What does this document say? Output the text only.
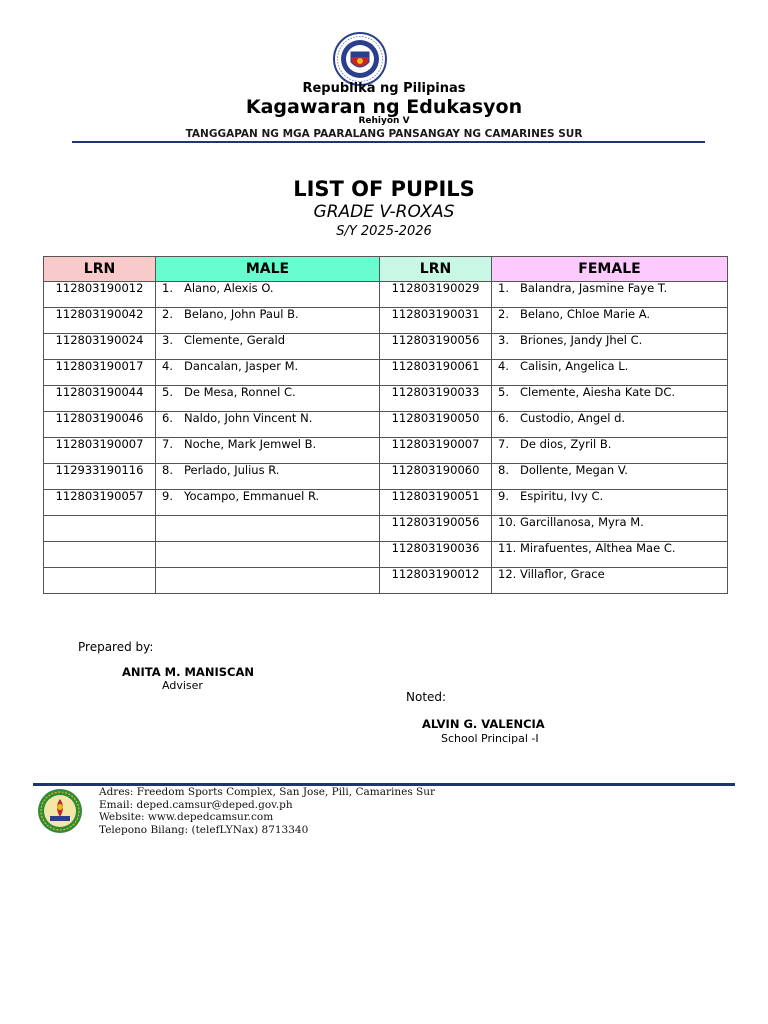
Republika ng Pilipinas
Kagawaran ng Edukasyon
Rehiyon V
TANGGAPAN NG MGA PAARALANG PANSANGAY NG CAMARINES SUR
LIST OF PUPILS
GRADE V-ROXAS
S/Y 2025-2026
LRN	MALE	LRN	FEMALE
112803190012	1. Alano, Alexis O.	112803190029	1. Balandra, Jasmine Faye T.
112803190042	2. Belano, John Paul B.	112803190031	2. Belano, Chloe Marie A.
112803190024	3. Clemente, Gerald	112803190056	3. Briones, Jandy Jhel C.
112803190017	4. Dancalan, Jasper M.	112803190061	4. Calisin, Angelica L.
112803190044	5. De Mesa, Ronnel C.	112803190033	5. Clemente, Aiesha Kate DC.
112803190046	6. Naldo, John Vincent N.	112803190050	6. Custodio, Angel d.
112803190007	7. Noche, Mark Jemwel B.	112803190007	7. De dios, Zyril B.
112933190116	8. Perlado, Julius R.	112803190060	8. Dollente, Megan V.
112803190057	9. Yocampo, Emmanuel R.	112803190051	9. Espiritu, Ivy C.
		112803190056	10. Garcillanosa, Myra M.
		112803190036	11. Mirafuentes, Althea Mae C.
		112803190012	12. Villaflor, Grace
Prepared by:
ANITA M. MANISCAN
Adviser
Noted:
ALVIN G. VALENCIA
School Principal -I
Adres: Freedom Sports Complex, San Jose, Pili, Camarines Sur
Email: deped.camsur@deped.gov.ph
Website: www.depedcamsur.com
Telepono Bilang: (telefLYNax) 8713340
